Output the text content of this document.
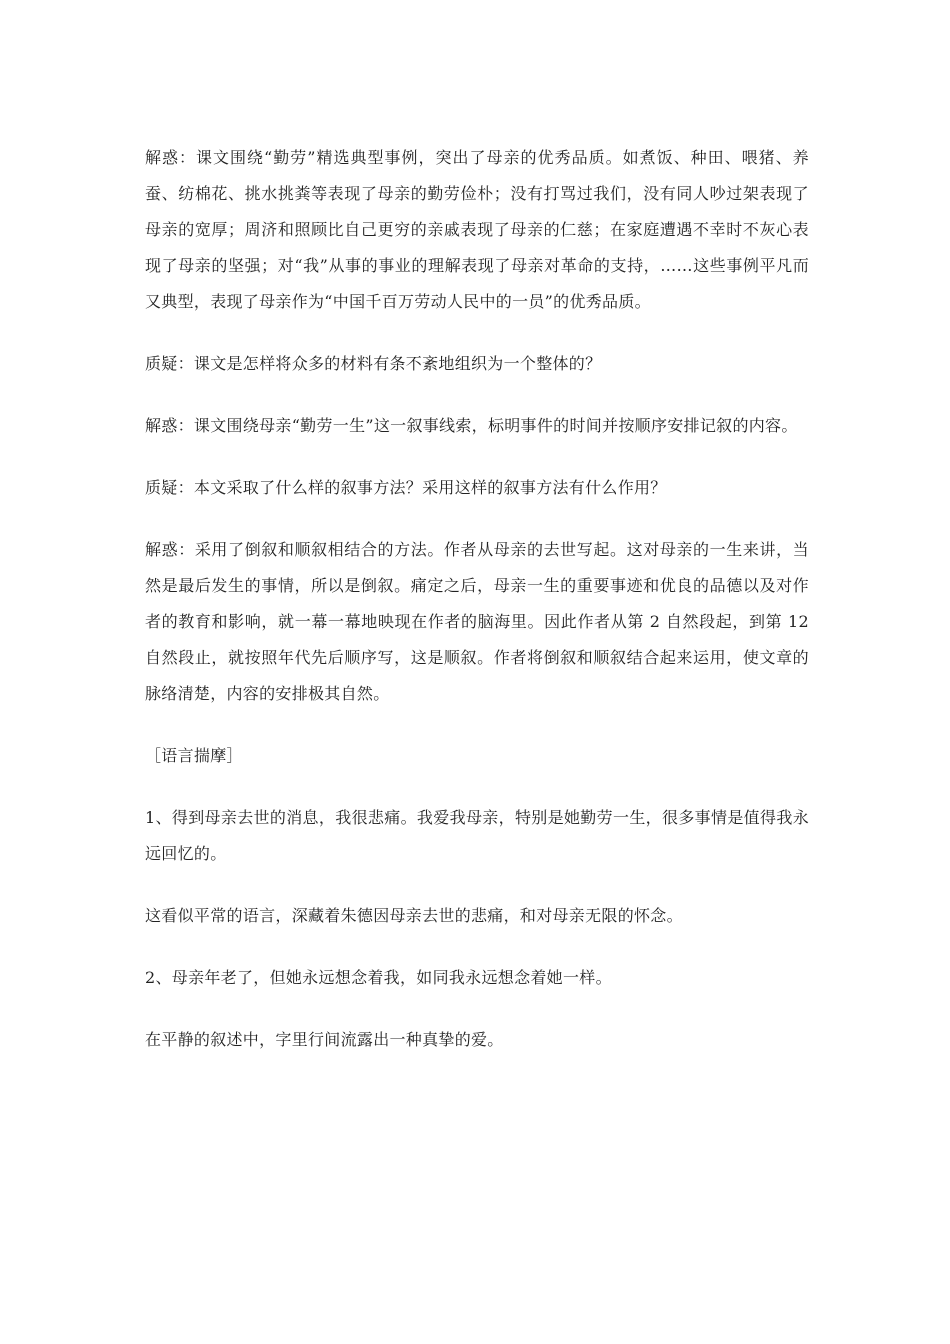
解惑：课文围绕“勤劳”精选典型事例，突出了母亲的优秀品质。如煮饭、种田、喂猪、养蚕、纺棉花、挑水挑粪等表现了母亲的勤劳俭朴；没有打骂过我们，没有同人吵过架表现了母亲的宽厚；周济和照顾比自己更穷的亲戚表现了母亲的仁慈；在家庭遭遇不幸时不灰心表现了母亲的坚强；对“我”从事的事业的理解表现了母亲对革命的支持，……这些事例平凡而又典型，表现了母亲作为“中国千百万劳动人民中的一员”的优秀品质。

质疑：课文是怎样将众多的材料有条不紊地组织为一个整体的？

解惑：课文围绕母亲“勤劳一生”这一叙事线索，标明事件的时间并按顺序安排记叙的内容。

质疑：本文采取了什么样的叙事方法？采用这样的叙事方法有什么作用？

解惑：采用了倒叙和顺叙相结合的方法。作者从母亲的去世写起。这对母亲的一生来讲，当然是最后发生的事情，所以是倒叙。痛定之后，母亲一生的重要事迹和优良的品德以及对作者的教育和影响，就一幕一幕地映现在作者的脑海里。因此作者从第 2 自然段起，到第 12 自然段止，就按照年代先后顺序写，这是顺叙。作者将倒叙和顺叙结合起来运用，使文章的脉络清楚，内容的安排极其自然。

［语言揣摩］

1、得到母亲去世的消息，我很悲痛。我爱我母亲，特别是她勤劳一生，很多事情是值得我永远回忆的。

这看似平常的语言，深藏着朱德因母亲去世的悲痛，和对母亲无限的怀念。

2、母亲年老了，但她永远想念着我，如同我永远想念着她一样。

在平静的叙述中，字里行间流露出一种真挚的爱。
